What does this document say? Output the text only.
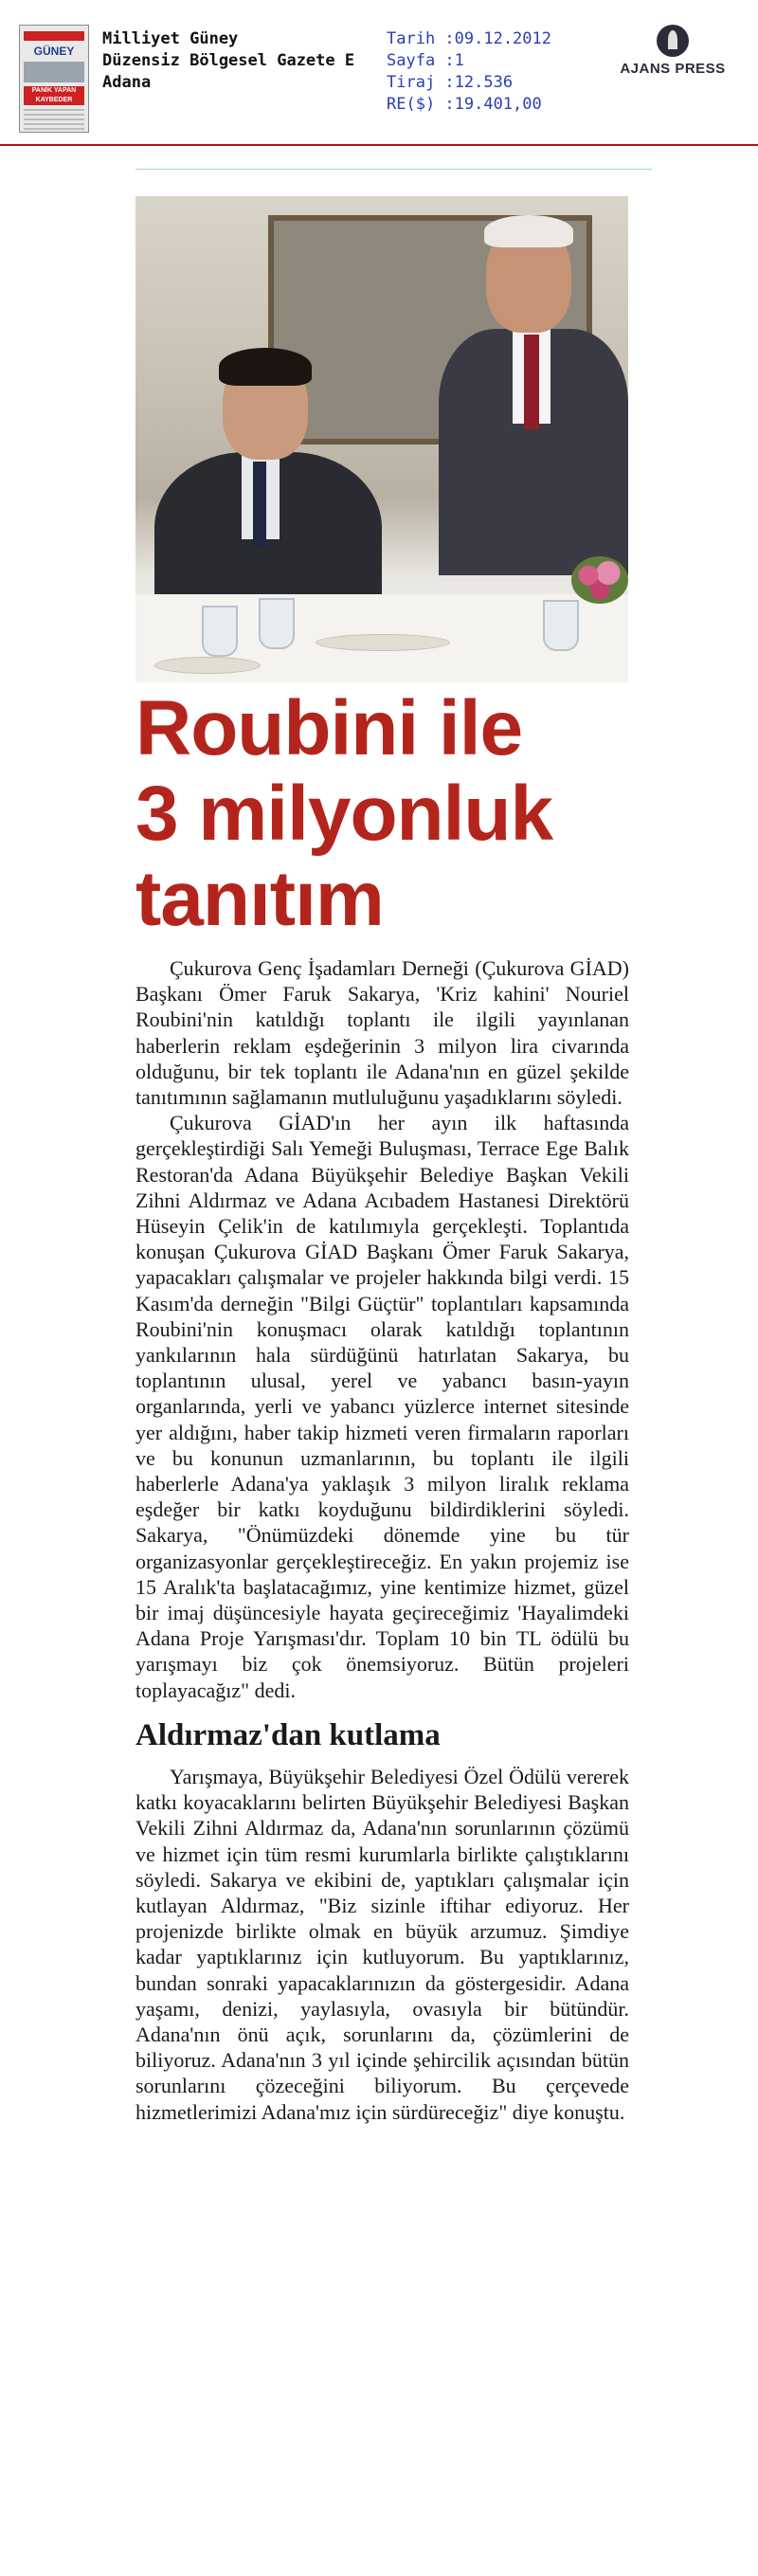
GÜNEY
PANİK YAPAN KAYBEDER
Milliyet Güney
Düzensiz Bölgesel Gazete E
Adana
Tarih :09.12.2012
Sayfa :1
Tiraj :12.536
RE($) :19.401,00
AJANS PRESS
Roubini ile
3 milyonluk
tanıtım

Çukurova Genç İşadamları Derneği (Çukurova GİAD) Başkanı Ömer Faruk Sakarya, 'Kriz kahini' Nouriel Roubini'nin katıldığı toplantı ile ilgili yayınlanan haberlerin reklam eşdeğerinin 3 milyon lira civarında olduğunu, bir tek toplantı ile Adana'nın en güzel şekilde tanıtımının sağlamanın mutluluğunu yaşadıklarını söyledi.

Çukurova GİAD'ın her ayın ilk haftasında gerçekleştirdiği Salı Yemeği Buluşması, Terrace Ege Balık Restoran'da Adana Büyükşehir Belediye Başkan Vekili Zihni Aldırmaz ve Adana Acıbadem Hastanesi Direktörü Hüseyin Çelik'in de katılımıyla gerçekleşti. Toplantıda konuşan Çukurova GİAD Başkanı Ömer Faruk Sakarya, yapacakları çalışmalar ve projeler hakkında bilgi verdi. 15 Kasım'da derneğin "Bilgi Güçtür" toplantıları kapsamında Roubini'nin konuşmacı olarak katıldığı toplantının yankılarının hala sürdüğünü hatırlatan Sakarya, bu toplantının ulusal, yerel ve yabancı basın-yayın organlarında, yerli ve yabancı yüzlerce internet sitesinde yer aldığını, haber takip hizmeti veren firmaların raporları ve bu konunun uzmanlarının, bu toplantı ile ilgili haberlerle Adana'ya yaklaşık 3 milyon liralık reklama eşdeğer bir katkı koyduğunu bildirdiklerini söyledi. Sakarya, "Önümüzdeki dönemde yine bu tür organizasyonlar gerçekleştireceğiz. En yakın projemiz ise 15 Aralık'ta başlatacağımız, yine kentimize hizmet, güzel bir imaj düşüncesiyle hayata geçireceğimiz 'Hayalimdeki Adana Proje Yarışması'dır. Toplam 10 bin TL ödülü bu yarışmayı biz çok önemsiyoruz. Bütün projeleri toplayacağız" dedi.

Aldırmaz'dan kutlama

Yarışmaya, Büyükşehir Belediyesi Özel Ödülü vererek katkı koyacaklarını belirten Büyükşehir Belediyesi Başkan Vekili Zihni Aldırmaz da, Adana'nın sorunlarının çözümü ve hizmet için tüm resmi kurumlarla birlikte çalıştıklarını söyledi. Sakarya ve ekibini de, yaptıkları çalışmalar için kutlayan Aldırmaz, "Biz sizinle iftihar ediyoruz. Her projenizde birlikte olmak en büyük arzumuz. Şimdiye kadar yaptıklarınız için kutluyorum. Bu yaptıklarınız, bundan sonraki yapacaklarınızın da göstergesidir. Adana yaşamı, denizi, yaylasıyla, ovasıyla bir bütündür. Adana'nın önü açık, sorunlarını da, çözümlerini de biliyoruz. Adana'nın 3 yıl içinde şehircilik açısından bütün sorunlarını çözeceğini biliyorum. Bu çerçevede hizmetlerimizi Adana'mız için sürdüreceğiz" diye konuştu.
